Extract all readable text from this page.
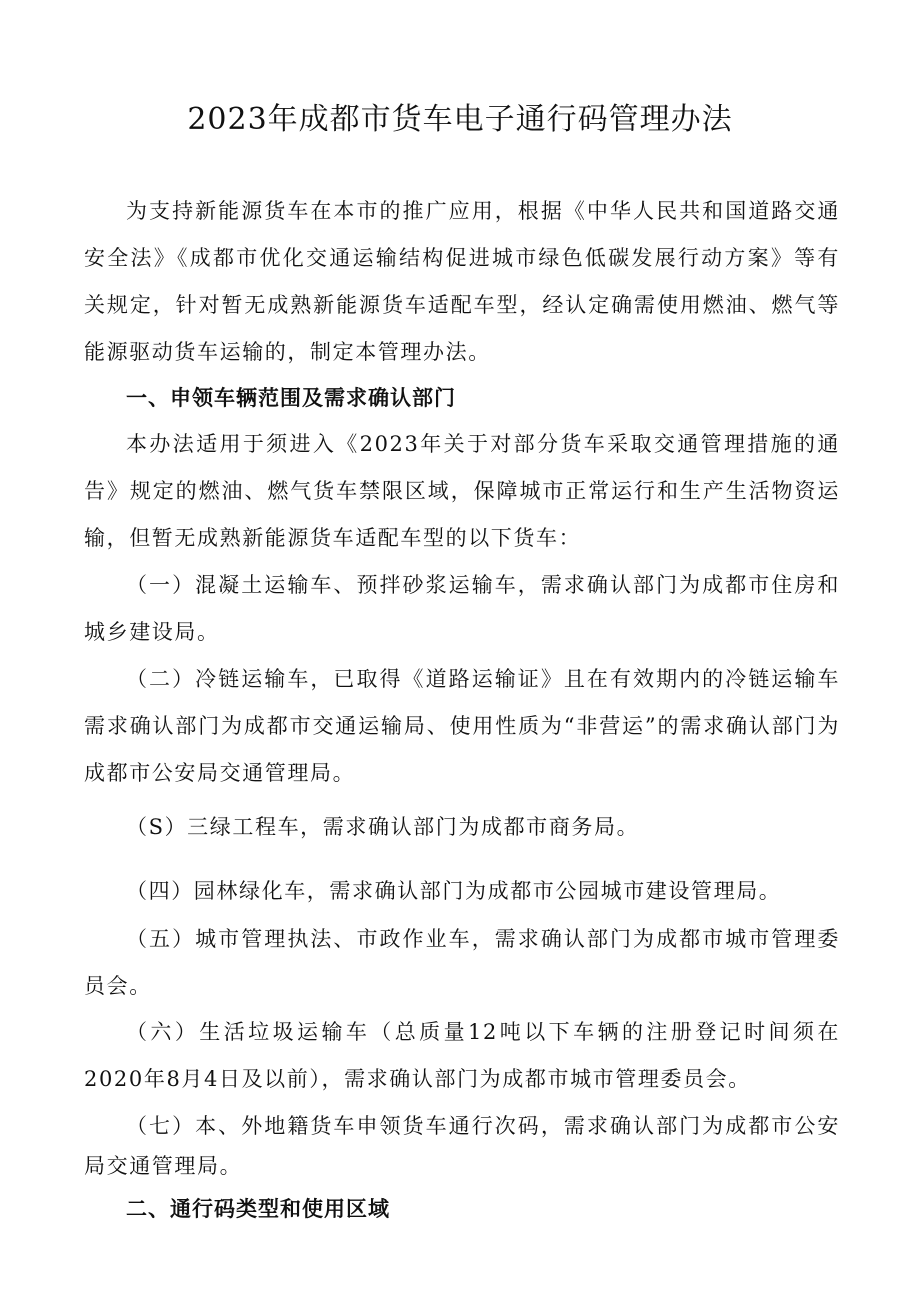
2023年成都市货车电子通行码管理办法

为支持新能源货车在本市的推广应用，根据《中华人民共和国道路交通安全法》《成都市优化交通运输结构促进城市绿色低碳发展行动方案》等有关规定，针对暂无成熟新能源货车适配车型，经认定确需使用燃油、燃气等能源驱动货车运输的，制定本管理办法。

一、申领车辆范围及需求确认部门

本办法适用于须进入《2023年关于对部分货车采取交通管理措施的通告》规定的燃油、燃气货车禁限区域，保障城市正常运行和生产生活物资运输，但暂无成熟新能源货车适配车型的以下货车：

（一）混凝土运输车、预拌砂浆运输车，需求确认部门为成都市住房和城乡建设局。

（二）冷链运输车，已取得《道路运输证》且在有效期内的冷链运输车需求确认部门为成都市交通运输局、使用性质为“非营运”的需求确认部门为成都市公安局交通管理局。

（S）三绿工程车，需求确认部门为成都市商务局。

（四）园林绿化车，需求确认部门为成都市公园城市建设管理局。

（五）城市管理执法、市政作业车，需求确认部门为成都市城市管理委员会。

（六）生活垃圾运输车（总质量12吨以下车辆的注册登记时间须在2020年8月4日及以前），需求确认部门为成都市城市管理委员会。

（七）本、外地籍货车申领货车通行次码，需求确认部门为成都市公安局交通管理局。

二、通行码类型和使用区域
